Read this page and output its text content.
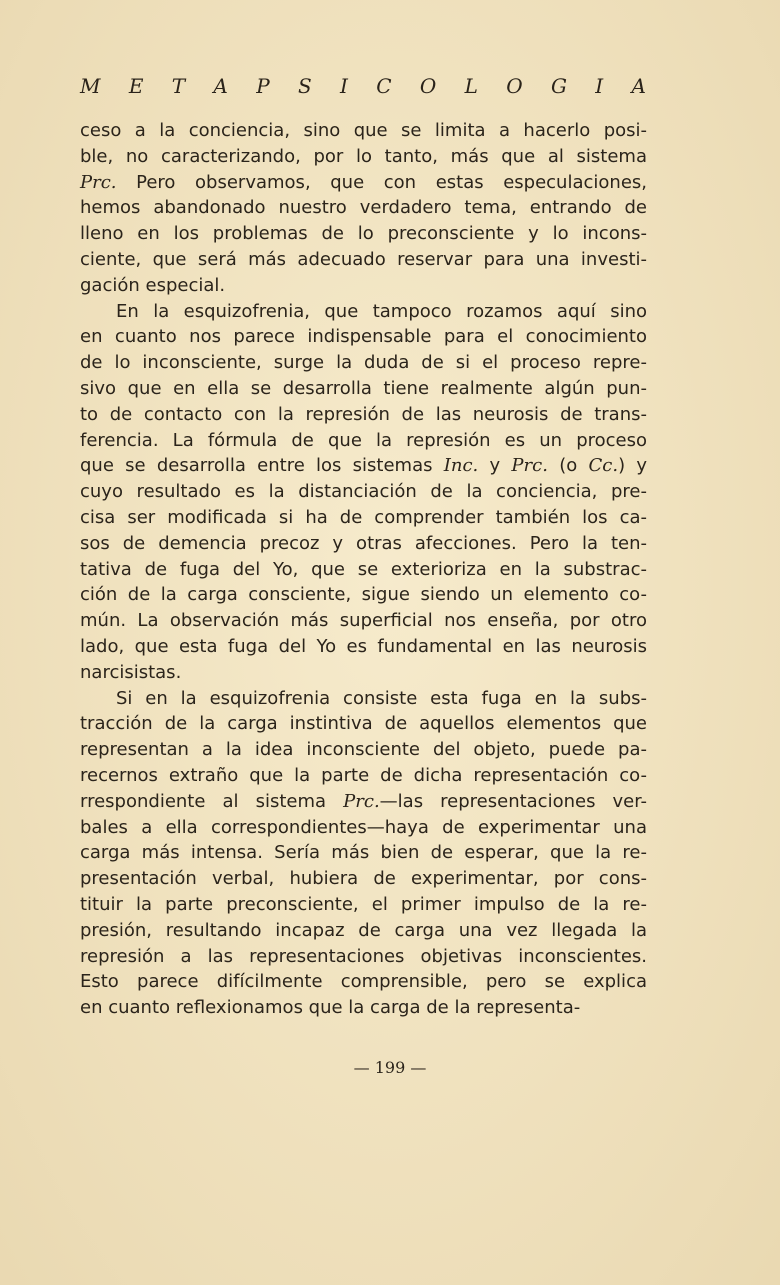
M E T A P S I C O L O G I A
ceso a la conciencia, sino que se limita a hacerlo posi-
ble, no caracterizando, por lo tanto, más que al sistema
Prc. Pero observamos, que con estas especulaciones,
hemos abandonado nuestro verdadero tema, entrando de
lleno en los problemas de lo preconsciente y lo incons-
ciente, que será más adecuado reservar para una investi-
gación especial.
En la esquizofrenia, que tampoco rozamos aquí sino
en cuanto nos parece indispensable para el conocimiento
de lo inconsciente, surge la duda de si el proceso repre-
sivo que en ella se desarrolla tiene realmente algún pun-
to de contacto con la represión de las neurosis de trans-
ferencia. La fórmula de que la represión es un proceso
que se desarrolla entre los sistemas Inc. y Prc. (o Cc.) y
cuyo resultado es la distanciación de la conciencia, pre-
cisa ser modificada si ha de comprender también los ca-
sos de demencia precoz y otras afecciones. Pero la ten-
tativa de fuga del Yo, que se exterioriza en la substrac-
ción de la carga consciente, sigue siendo un elemento co-
mún. La observación más superficial nos enseña, por otro
lado, que esta fuga del Yo es fundamental en las neurosis
narcisistas.
Si en la esquizofrenia consiste esta fuga en la subs-
tracción de la carga instintiva de aquellos elementos que
representan a la idea inconsciente del objeto, puede pa-
recernos extraño que la parte de dicha representación co-
rrespondiente al sistema Prc.—las representaciones ver-
bales a ella correspondientes—haya de experimentar una
carga más intensa. Sería más bien de esperar, que la re-
presentación verbal, hubiera de experimentar, por cons-
tituir la parte preconsciente, el primer impulso de la re-
presión, resultando incapaz de carga una vez llegada la
represión a las representaciones objetivas inconscientes.
Esto parece difícilmente comprensible, pero se explica
en cuanto reflexionamos que la carga de la representa-
— 199 —
